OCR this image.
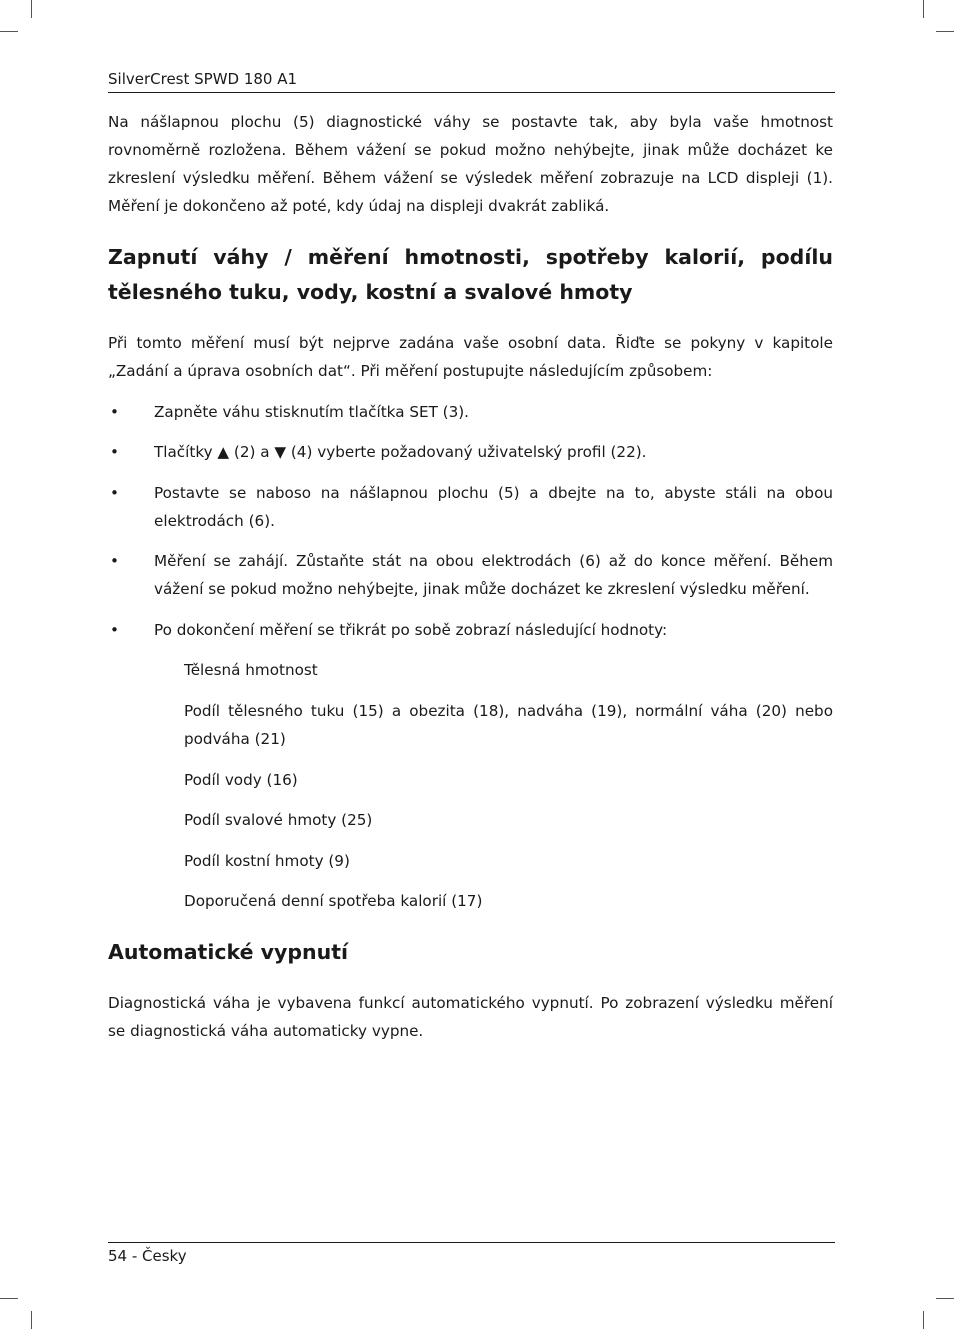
SilverCrest SPWD 180 A1
Na nášlapnou plochu (5) diagnostické váhy se postavte tak, aby byla vaše hmotnost rovnoměrně rozložena. Během vážení se pokud možno nehýbejte, jinak může docházet ke zkreslení výsledku měření. Během vážení se výsledek měření zobrazuje na LCD displeji (1). Měření je dokončeno až poté, kdy údaj na displeji dvakrát zabliká.
Zapnutí váhy / měření hmotnosti, spotřeby kalorií, podílu tělesného tuku, vody, kostní a svalové hmoty
Při tomto měření musí být nejprve zadána vaše osobní data. Řiďte se pokyny v kapitole „Zadání a úprava osobních dat“. Při měření postupujte následujícím způsobem:
• Zapněte váhu stisknutím tlačítka SET (3).
• Tlačítky ▲ (2) a ▼ (4) vyberte požadovaný uživatelský profil (22).
• Postavte se naboso na nášlapnou plochu (5) a dbejte na to, abyste stáli na obou elektrodách (6).
• Měření se zahájí. Zůstaňte stát na obou elektrodách (6) až do konce měření. Během vážení se pokud možno nehýbejte, jinak může docházet ke zkreslení výsledku měření.
• Po dokončení měření se třikrát po sobě zobrazí následující hodnoty:
Tělesná hmotnost
Podíl tělesného tuku (15) a obezita (18), nadváha (19), normální váha (20) nebo podváha (21)
Podíl vody (16)
Podíl svalové hmoty (25)
Podíl kostní hmoty (9)
Doporučená denní spotřeba kalorií (17)
Automatické vypnutí
Diagnostická váha je vybavena funkcí automatického vypnutí. Po zobrazení výsledku měření se diagnostická váha automaticky vypne.
54 - Česky
